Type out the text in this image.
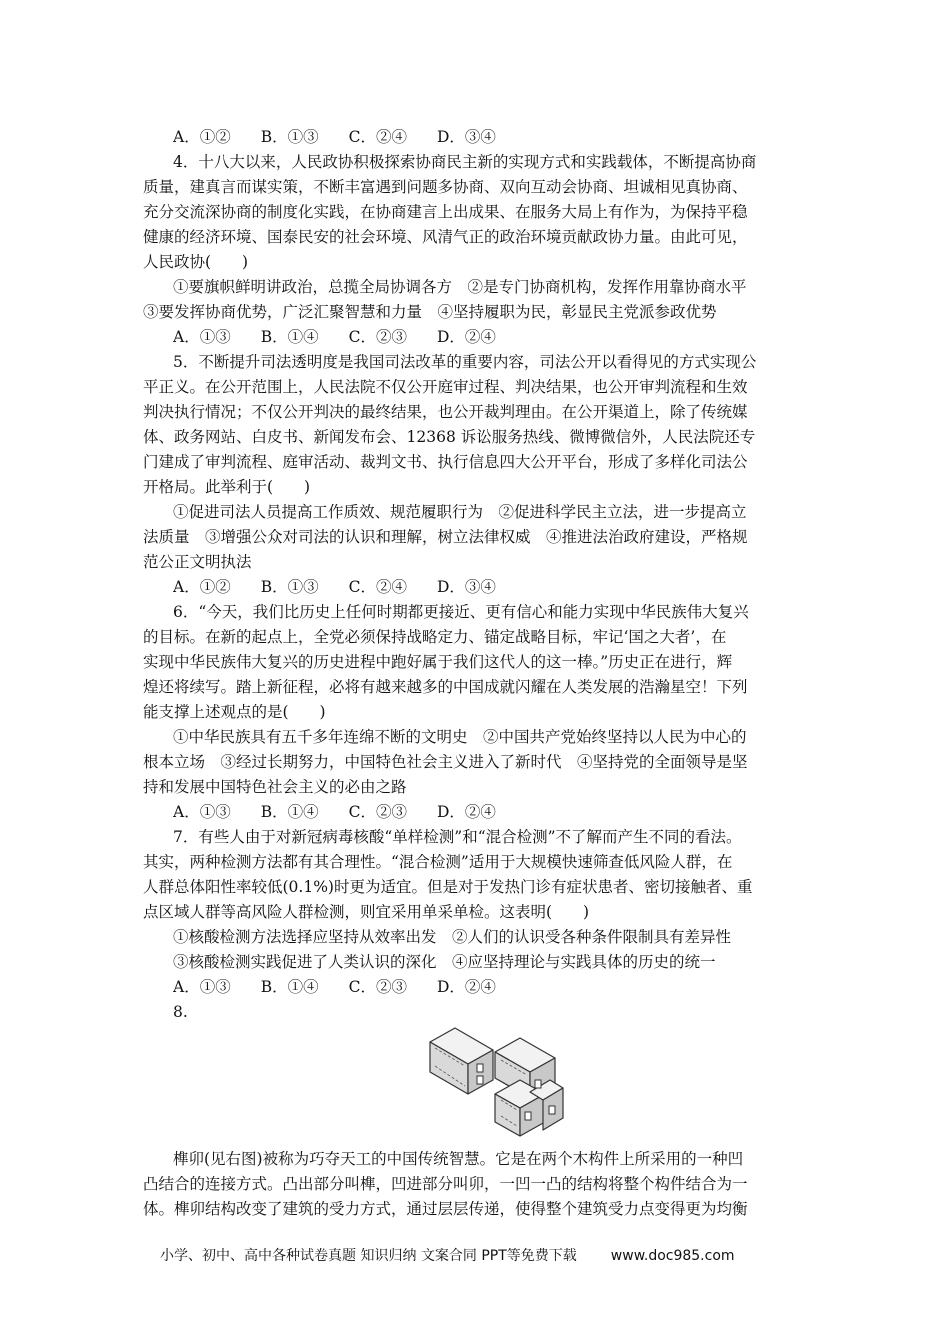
A．①② B．①③ C．②④ D．③④
4．十八大以来，人民政协积极探索协商民主新的实现方式和实践载体，不断提高协商
质量，建真言而谋实策，不断丰富遇到问题多协商、双向互动会协商、坦诚相见真协商、
充分交流深协商的制度化实践，在协商建言上出成果、在服务大局上有作为，为保持平稳
健康的经济环境、国泰民安的社会环境、风清气正的政治环境贡献政协力量。由此可见，
人民政协(　　)
①要旗帜鲜明讲政治，总揽全局协调各方　②是专门协商机构，发挥作用靠协商水平
③要发挥协商优势，广泛汇聚智慧和力量　④坚持履职为民，彰显民主党派参政优势
A．①③ B．①④ C．②③ D．②④
5．不断提升司法透明度是我国司法改革的重要内容，司法公开以看得见的方式实现公
平正义。在公开范围上，人民法院不仅公开庭审过程、判决结果，也公开审判流程和生效
判决执行情况；不仅公开判决的最终结果，也公开裁判理由。在公开渠道上，除了传统媒
体、政务网站、白皮书、新闻发布会、12368 诉讼服务热线、微博微信外，人民法院还专
门建成了审判流程、庭审活动、裁判文书、执行信息四大公开平台，形成了多样化司法公
开格局。此举利于(　　)
①促进司法人员提高工作质效、规范履职行为　②促进科学民主立法，进一步提高立
法质量　③增强公众对司法的认识和理解，树立法律权威　④推进法治政府建设，严格规
范公正文明执法
A．①② B．①③ C．②④ D．③④
6．“今天，我们比历史上任何时期都更接近、更有信心和能力实现中华民族伟大复兴
的目标。在新的起点上，全党必须保持战略定力、锚定战略目标，牢记‘国之大者’，在
实现中华民族伟大复兴的历史进程中跑好属于我们这代人的这一棒。”历史正在进行，辉
煌还将续写。踏上新征程，必将有越来越多的中国成就闪耀在人类发展的浩瀚星空！下列
能支撑上述观点的是(　　)
①中华民族具有五千多年连绵不断的文明史　②中国共产党始终坚持以人民为中心的
根本立场　③经过长期努力，中国特色社会主义进入了新时代　④坚持党的全面领导是坚
持和发展中国特色社会主义的必由之路
A．①③ B．①④ C．②③ D．②④
7．有些人由于对新冠病毒核酸“单样检测”和“混合检测”不了解而产生不同的看法。
其实，两种检测方法都有其合理性。“混合检测”适用于大规模快速筛查低风险人群，在
人群总体阳性率较低(0.1%)时更为适宜。但是对于发热门诊有症状患者、密切接触者、重
点区域人群等高风险人群检测，则宜采用单采单检。这表明(　　)
①核酸检测方法选择应坚持从效率出发　②人们的认识受各种条件限制具有差异性
③核酸检测实践促进了人类认识的深化　④应坚持理论与实践具体的历史的统一
A．①③ B．①④ C．②③ D．②④
8.
榫卯(见右图)被称为巧夺天工的中国传统智慧。它是在两个木构件上所采用的一种凹
凸结合的连接方式。凸出部分叫榫，凹进部分叫卯，一凹一凸的结构将整个构件结合为一
体。榫卯结构改变了建筑的受力方式，通过层层传递，使得整个建筑受力点变得更为均衡
小学、初中、高中各种试卷真题 知识归纳 文案合同 PPT等免费下载 www.doc985.com
